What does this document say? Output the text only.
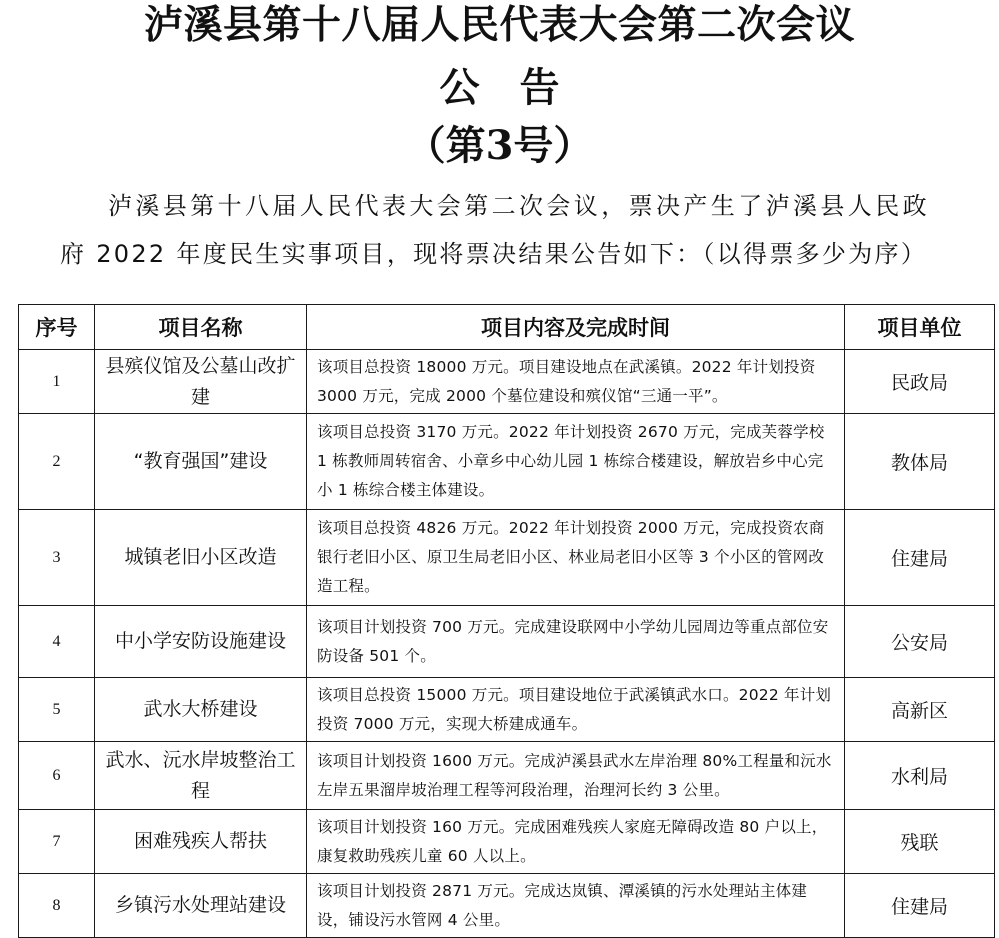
泸溪县第十八届人民代表大会第二次会议
公　告
（第3号）
泸溪县第十八届人民代表大会第二次会议，票决产生了泸溪县人民政
府 2022 年度民生实事项目，现将票决结果公告如下：（以得票多少为序）
序号	项目名称	项目内容及完成时间	项目单位
1	县殡仪馆及公墓山改扩建	该项目总投资 18000 万元。项目建设地点在武溪镇。2022 年计划投资 3000 万元，完成 2000 个墓位建设和殡仪馆“三通一平”。	民政局
2	“教育强国”建设	该项目总投资 3170 万元。2022 年计划投资 2670 万元，完成芙蓉学校 1 栋教师周转宿舍、小章乡中心幼儿园 1 栋综合楼建设，解放岩乡中心完小 1 栋综合楼主体建设。	教体局
3	城镇老旧小区改造	该项目总投资 4826 万元。2022 年计划投资 2000 万元，完成投资农商银行老旧小区、原卫生局老旧小区、林业局老旧小区等 3 个小区的管网改造工程。	住建局
4	中小学安防设施建设	该项目计划投资 700 万元。完成建设联网中小学幼儿园周边等重点部位安防设备 501 个。	公安局
5	武水大桥建设	该项目总投资 15000 万元。项目建设地位于武溪镇武水口。2022 年计划投资 7000 万元，实现大桥建成通车。	高新区
6	武水、沅水岸坡整治工程	该项目计划投资 1600 万元。完成泸溪县武水左岸治理 80%工程量和沅水左岸五果溜岸坡治理工程等河段治理，治理河长约 3 公里。	水利局
7	困难残疾人帮扶	该项目计划投资 160 万元。完成困难残疾人家庭无障碍改造 80 户以上，康复救助残疾儿童 60 人以上。	残联
8	乡镇污水处理站建设	该项目计划投资 2871 万元。完成达岚镇、潭溪镇的污水处理站主体建设，铺设污水管网 4 公里。	住建局
